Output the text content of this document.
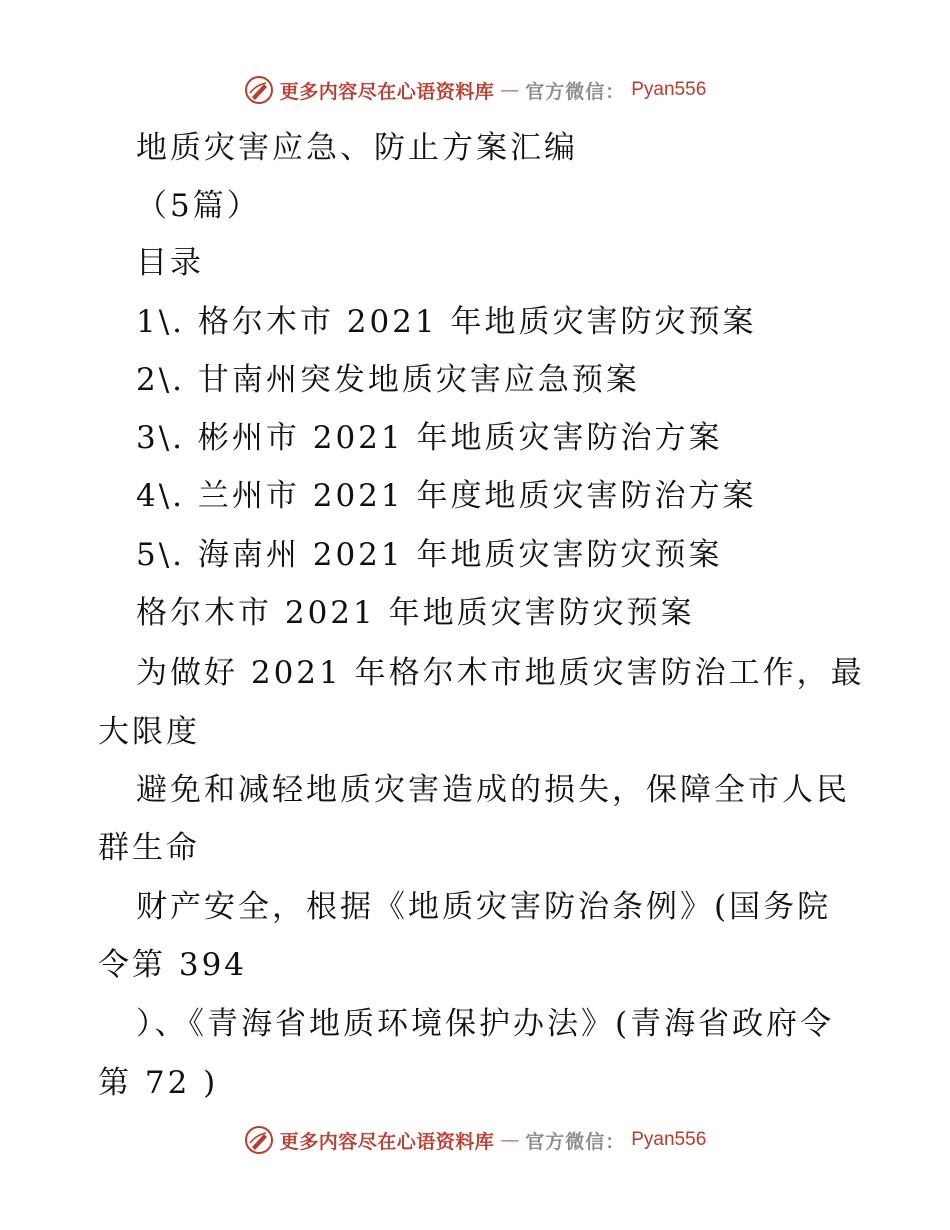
更多内容尽在心语资料库 — 官方微信： Pyan556
地质灾害应急、防止方案汇编
（5篇）
目录
1\. 格尔木市 2021 年地质灾害防灾预案
2\. 甘南州突发地质灾害应急预案
3\. 彬州市 2021 年地质灾害防治方案
4\. 兰州市 2021 年度地质灾害防治方案
5\. 海南州 2021 年地质灾害防灾预案
格尔木市 2021 年地质灾害防灾预案
为做好 2021 年格尔木市地质灾害防治工作，最
大限度
避免和减轻地质灾害造成的损失，保障全市人民
群生命
财产安全，根据《地质灾害防治条例》(国务院
令第 394
）、《青海省地质环境保护办法》(青海省政府令
第 72 )
更多内容尽在心语资料库 — 官方微信： Pyan556
